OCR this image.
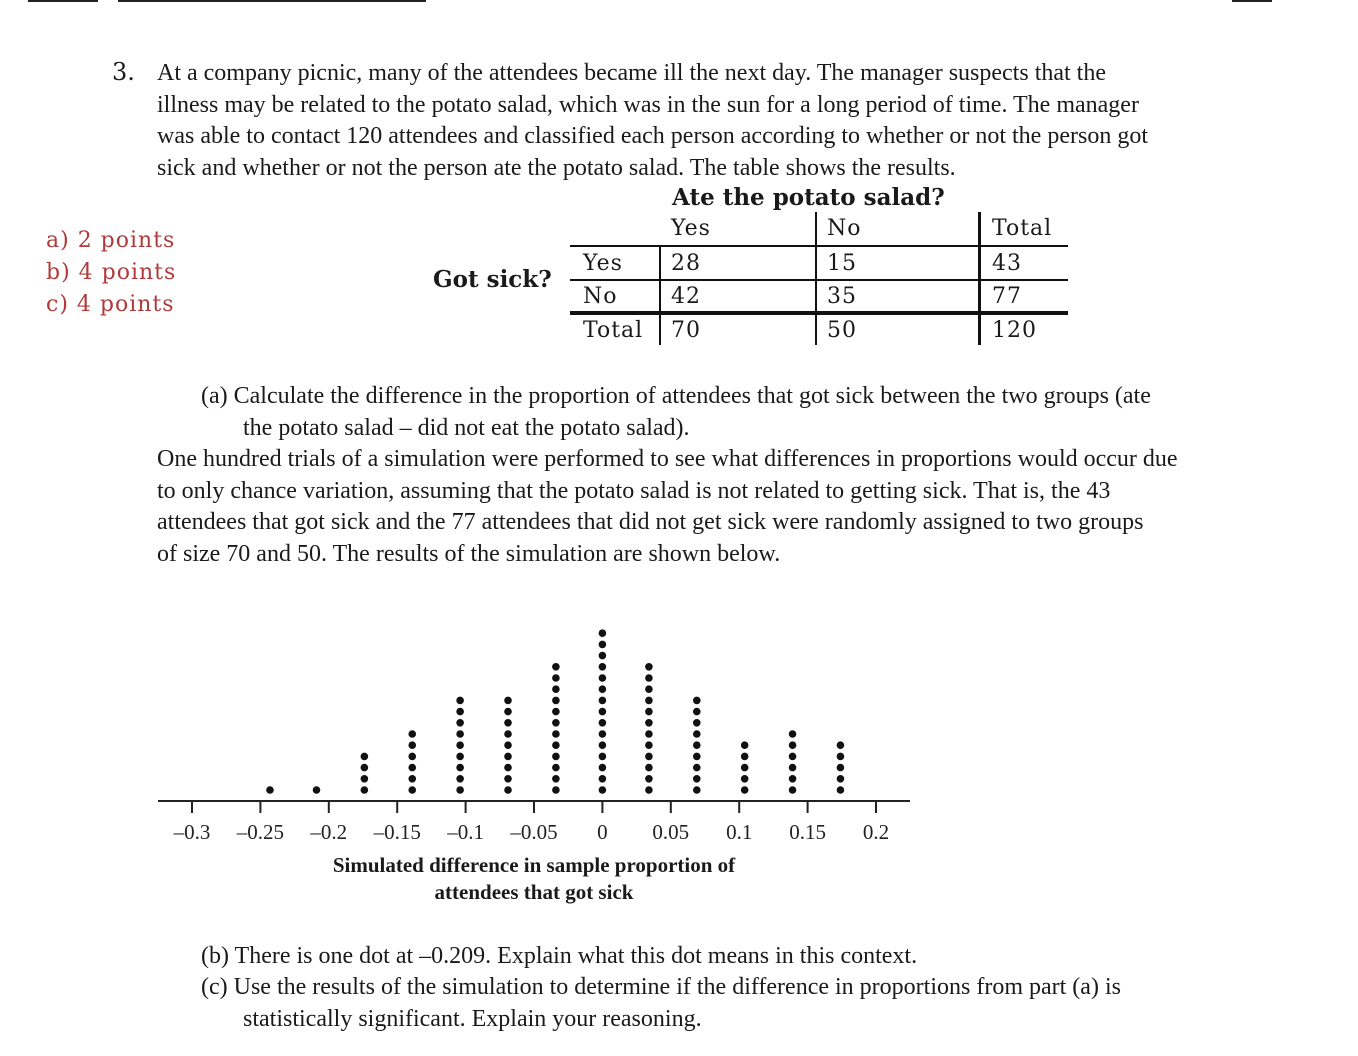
3. At a company picnic, many of the attendees became ill the next day. The manager suspects that the
illness may be related to the potato salad, which was in the sun for a long period of time. The manager
was able to contact 120 attendees and classified each person according to whether or not the person got
sick and whether or not the person ate the potato salad. The table shows the results.
a) 2 points
b) 4 points
c) 4 points
Ate the potato salad?
Got sick?
Yes	No	Total
Yes 28	15	43
No 42	35	77
Total 70	50	120
(a) Calculate the difference in the proportion of attendees that got sick between the two groups (ate
the potato salad – did not eat the potato salad).
One hundred trials of a simulation were performed to see what differences in proportions would occur due
to only chance variation, assuming that the potato salad is not related to getting sick. That is, the 43
attendees that got sick and the 77 attendees that did not get sick were randomly assigned to two groups
of size 70 and 50. The results of the simulation are shown below.
–0.3 –0.25 –0.2 –0.15 –0.1 –0.05 0 0.05 0.1 0.15 0.2
Simulated difference in sample proportion of
attendees that got sick
(b) There is one dot at –0.209. Explain what this dot means in this context.
(c) Use the results of the simulation to determine if the difference in proportions from part (a) is
statistically significant. Explain your reasoning.
